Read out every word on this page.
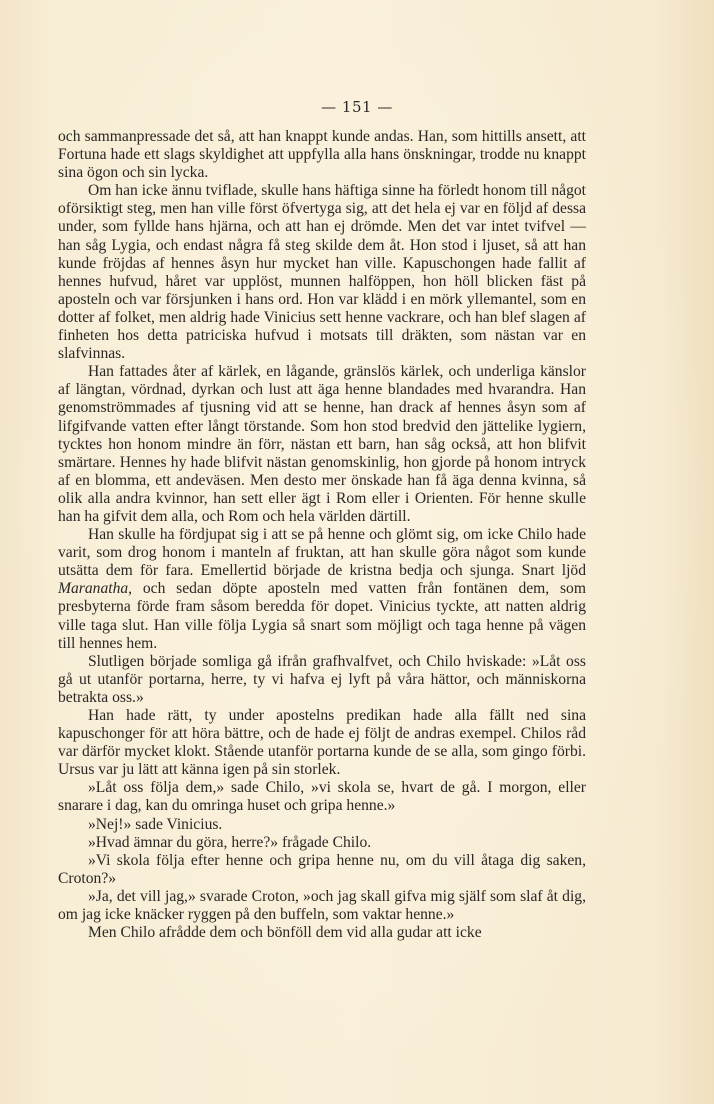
— 151 —

och sammanpressade det så, att han knappt kunde andas. Han, som hittills ansett, att Fortuna hade ett slags skyldighet att uppfylla alla hans önskningar, trodde nu knappt sina ögon och sin lycka.

Om han icke ännu tviflade, skulle hans häftiga sinne ha förledt honom till något oförsiktigt steg, men han ville först öfvertyga sig, att det hela ej var en följd af dessa under, som fyllde hans hjärna, och att han ej drömde. Men det var intet tvifvel — han såg Lygia, och endast några få steg skilde dem åt. Hon stod i ljuset, så att han kunde fröjdas af hennes åsyn hur mycket han ville. Kapuschongen hade fallit af hennes hufvud, håret var upplöst, munnen halföppen, hon höll blicken fäst på aposteln och var försjunken i hans ord. Hon var klädd i en mörk yllemantel, som en dotter af folket, men aldrig hade Vinicius sett henne vackrare, och han blef slagen af finheten hos detta patriciska hufvud i motsats till dräkten, som nästan var en slafvinnas.

Han fattades åter af kärlek, en lågande, gränslös kärlek, och underliga känslor af längtan, vördnad, dyrkan och lust att äga henne blandades med hvarandra. Han genomströmmades af tjusning vid att se henne, han drack af hennes åsyn som af lifgifvande vatten efter långt törstande. Som hon stod bredvid den jättelike lygiern, tycktes hon honom mindre än förr, nästan ett barn, han såg också, att hon blifvit smärtare. Hennes hy hade blifvit nästan genomskinlig, hon gjorde på honom intryck af en blomma, ett andeväsen. Men desto mer önskade han få äga denna kvinna, så olik alla andra kvinnor, han sett eller ägt i Rom eller i Orienten. För henne skulle han ha gifvit dem alla, och Rom och hela världen därtill.

Han skulle ha fördjupat sig i att se på henne och glömt sig, om icke Chilo hade varit, som drog honom i manteln af fruktan, att han skulle göra något som kunde utsätta dem för fara. Emellertid började de kristna bedja och sjunga. Snart ljöd Maranatha, och sedan döpte aposteln med vatten från fontänen dem, som presbyterna förde fram såsom beredda för dopet. Vinicius tyckte, att natten aldrig ville taga slut. Han ville följa Lygia så snart som möjligt och taga henne på vägen till hennes hem.

Slutligen började somliga gå ifrån grafhvalfvet, och Chilo hviskade: »Låt oss gå ut utanför portarna, herre, ty vi hafva ej lyft på våra hättor, och människorna betrakta oss.»

Han hade rätt, ty under apostelns predikan hade alla fällt ned sina kapuschonger för att höra bättre, och de hade ej följt de andras exempel. Chilos råd var därför mycket klokt. Stående utanför portarna kunde de se alla, som gingo förbi. Ursus var ju lätt att känna igen på sin storlek.

»Låt oss följa dem,» sade Chilo, »vi skola se, hvart de gå. I morgon, eller snarare i dag, kan du omringa huset och gripa henne.»

»Nej!» sade Vinicius.

»Hvad ämnar du göra, herre?» frågade Chilo.

»Vi skola följa efter henne och gripa henne nu, om du vill åtaga dig saken, Croton?»

»Ja, det vill jag,» svarade Croton, »och jag skall gifva mig själf som slaf åt dig, om jag icke knäcker ryggen på den buffeln, som vaktar henne.»

Men Chilo afrådde dem och bönföll dem vid alla gudar att icke
